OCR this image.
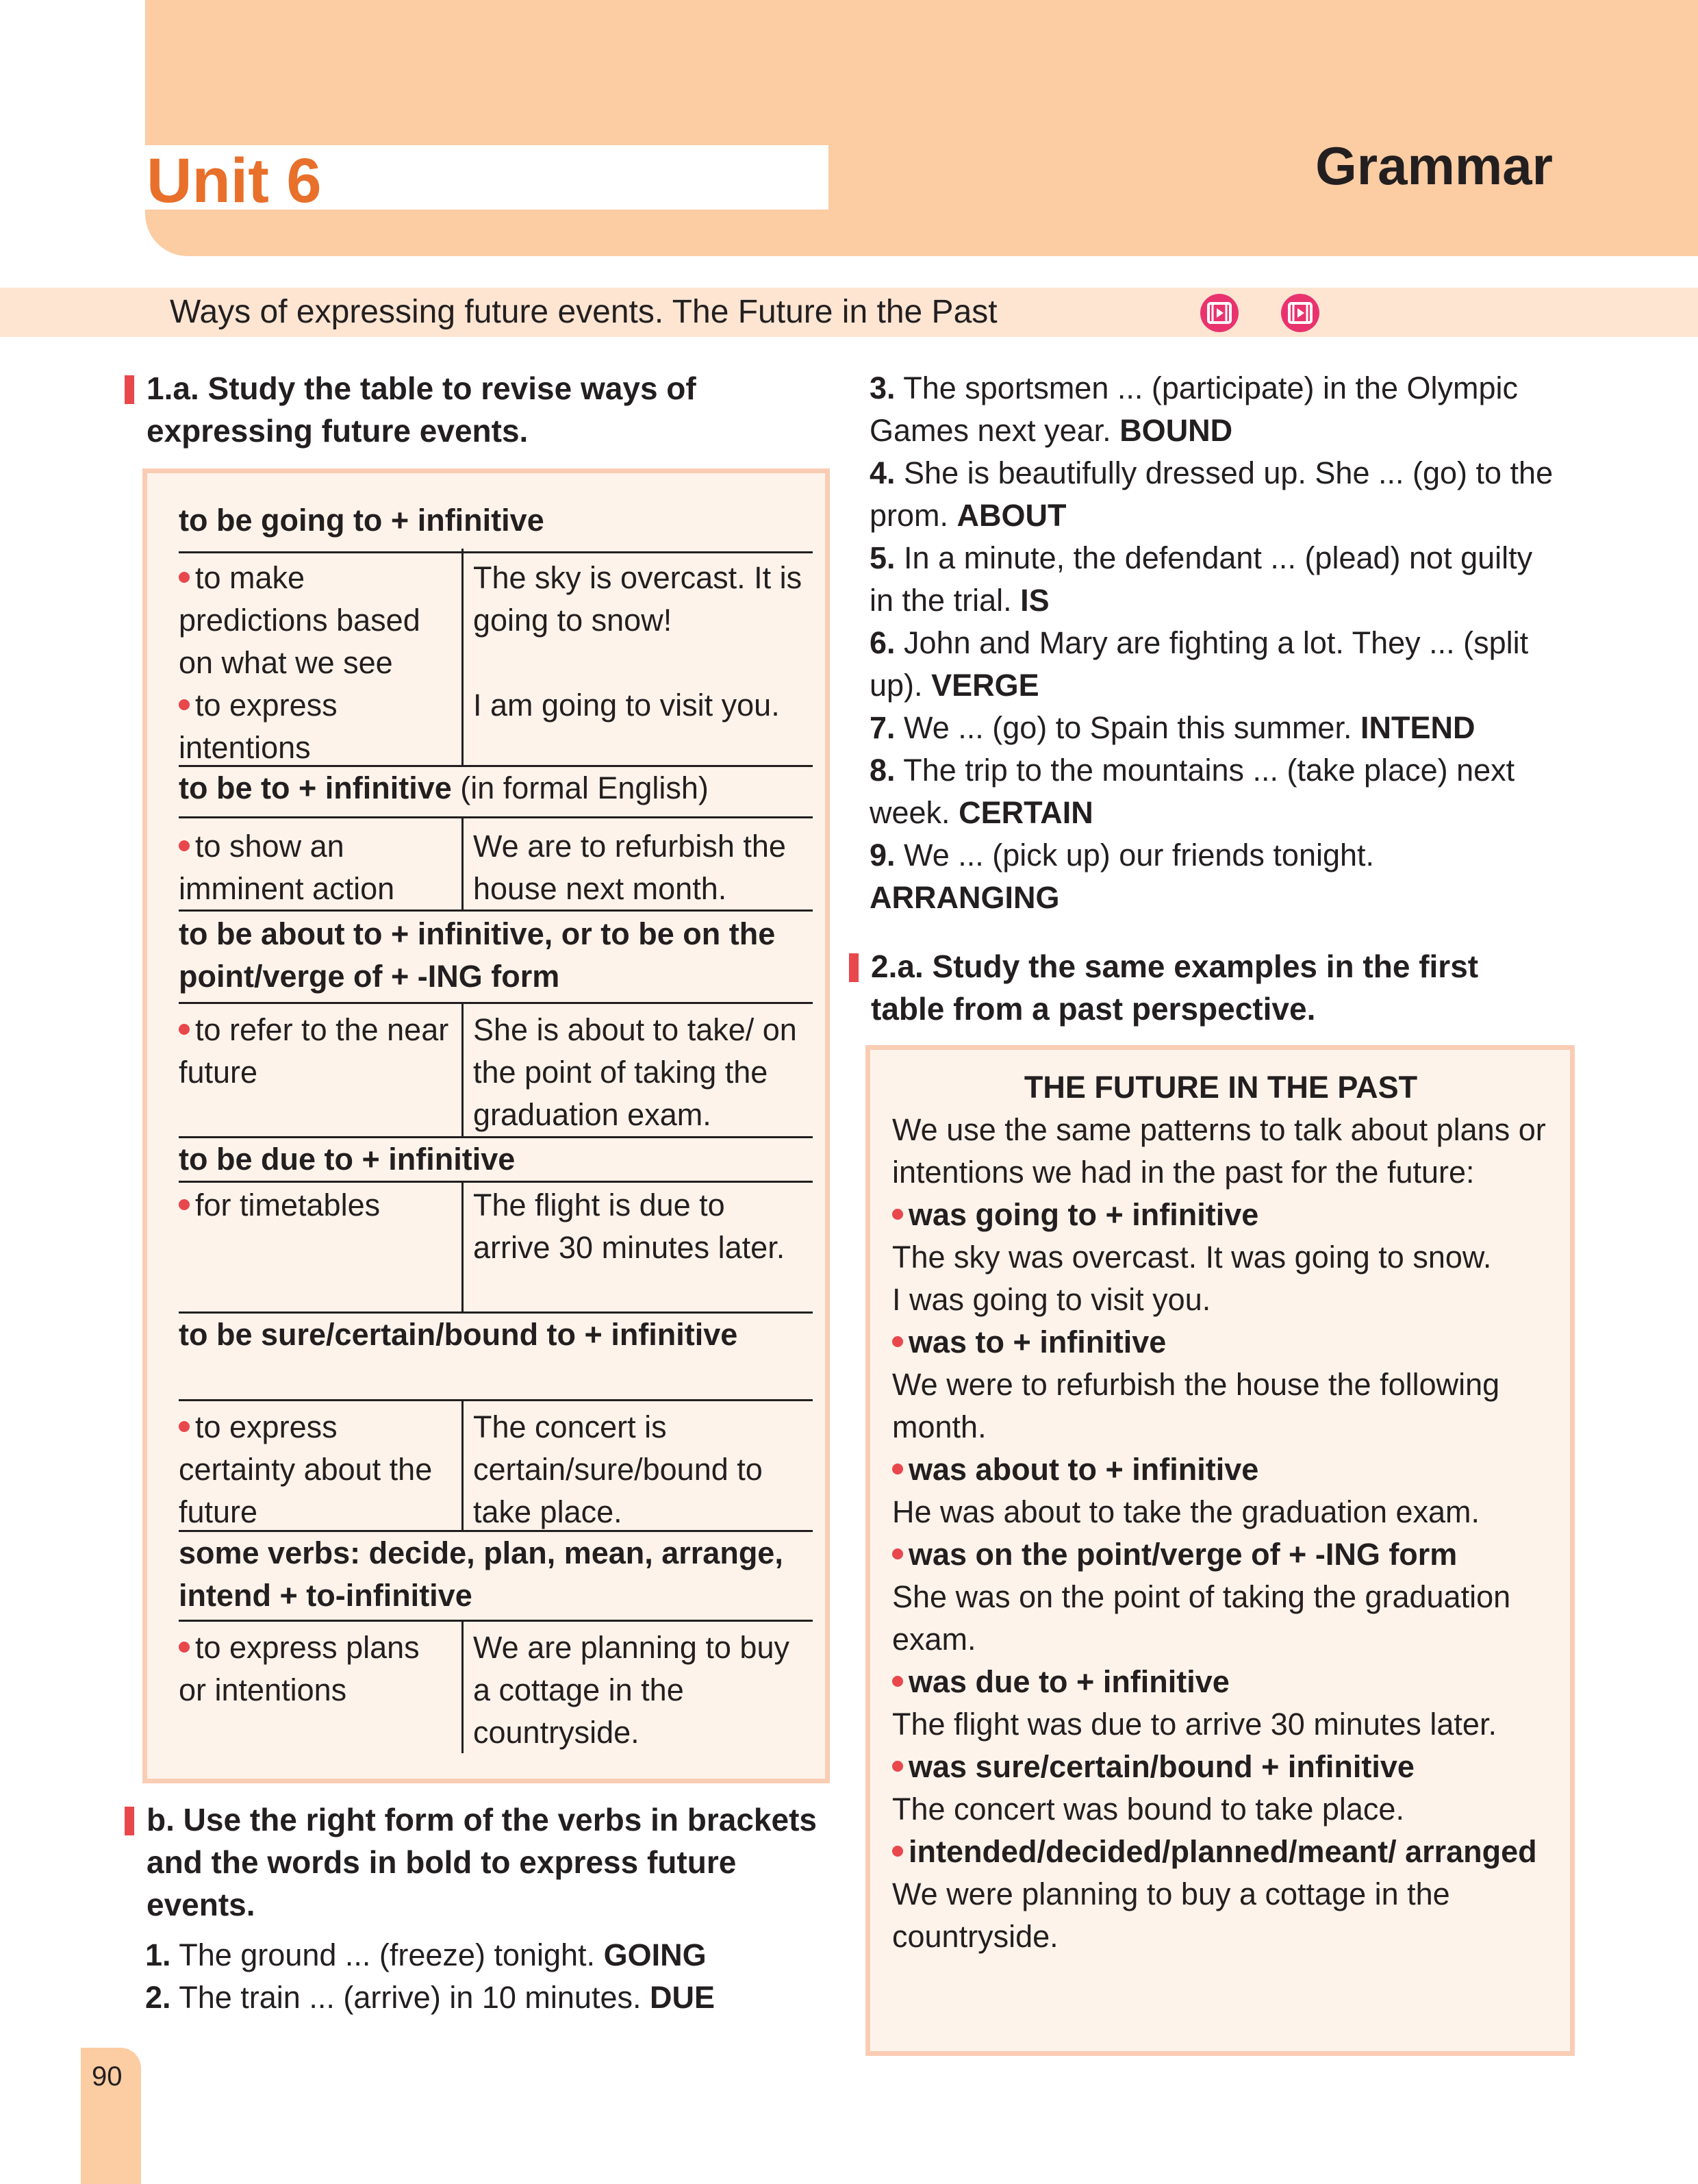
Unit 6	Grammar

Ways of expressing future events. The Future in the Past

1.a. Study the table to revise ways of expressing future events.

to be going to + infinitive

to make predictions based on what we see

to express intentions

The sky is overcast. It is going to snow!

I am going to visit you.

to be to + infinitive (in formal English)

to show an imminent action

We are to refurbish the house next month.

to be about to + infinitive, or to be on the point/verge of + -ING form

to refer to the near future

She is about to take/ on the point of taking the graduation exam.

to be due to + infinitive

for timetables	The flight is due to arrive 30 minutes later.

to be sure/certain/bound to + infinitive

to express certainty about the future

The concert is certain/sure/bound to take place.

some verbs: decide, plan, mean, arrange, intend + to-infinitive

to express plans or intentions

We are planning to buy a cottage in the countryside.

b. Use the right form of the verbs in brackets and the words in bold to express future events.

1. The ground ... (freeze) tonight. GOING

2. The train ... (arrive) in 10 minutes. DUE

3. The sportsmen ... (participate) in the Olympic Games next year. BOUND

4. She is beautifully dressed up. She ... (go) to the prom. ABOUT

5. In a minute, the defendant ... (plead) not guilty in the trial. IS

6. John and Mary are fighting a lot. They ... (split up). VERGE

7. We ... (go) to Spain this summer. INTEND

8. The trip to the mountains ... (take place) next week. CERTAIN

9. We ... (pick up) our friends tonight. ARRANGING

2.a. Study the same examples in the first table from a past perspective.

THE FUTURE IN THE PAST

We use the same patterns to talk about plans or intentions we had in the past for the future:

was going to + infinitive

The sky was overcast. It was going to snow.

I was going to visit you.

was to + infinitive

We were to refurbish the house the following month.

was about to + infinitive

He was about to take the graduation exam.

was on the point/verge of + -ING form

She was on the point of taking the graduation exam.

was due to + infinitive

The flight was due to arrive 30 minutes later.

was sure/certain/bound + infinitive

The concert was bound to take place.

intended/decided/planned/meant/ arranged

We were planning to buy a cottage in the countryside.

90
